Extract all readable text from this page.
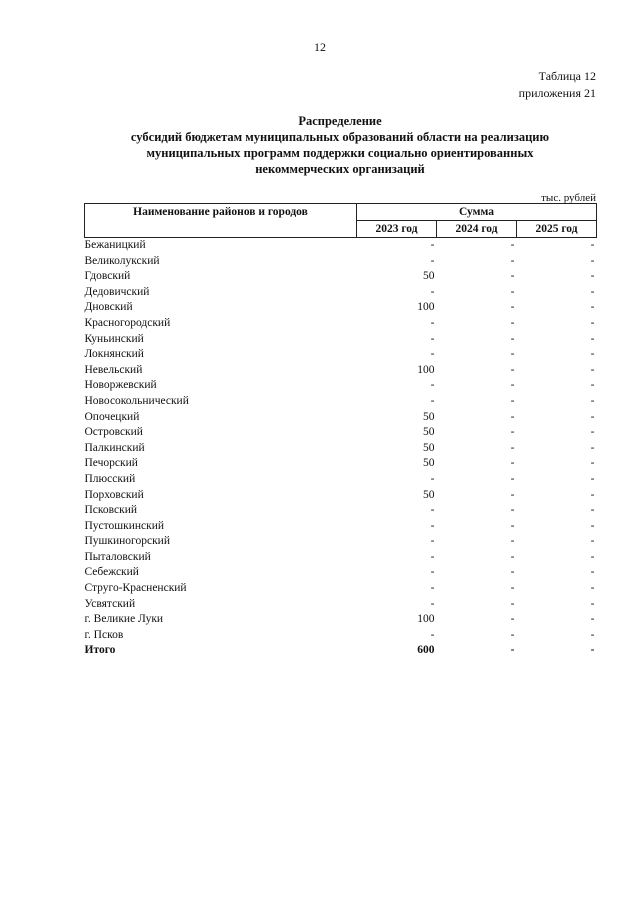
12
Таблица 12
приложения 21
Распределение
субсидий бюджетам муниципальных образований области на реализацию
муниципальных программ поддержки социально ориентированных
некоммерческих организаций
тыс. рублей
Наименование районов и городов	Сумма		
	2023 год	2024 год	2025 год
Бежаницкий	-	-	-
Великолукский	-	-	-
Гдовский	50	-	-
Дедовичский	-	-	-
Дновский	100	-	-
Красногородский	-	-	-
Куньинский	-	-	-
Локнянский	-	-	-
Невельский	100	-	-
Новоржевский	-	-	-
Новосокольнический	-	-	-
Опочецкий	50	-	-
Островский	50	-	-
Палкинский	50	-	-
Печорский	50	-	-
Плюсский	-	-	-
Порховский	50	-	-
Псковский	-	-	-
Пустошкинский	-	-	-
Пушкиногорский	-	-	-
Пыталовский	-	-	-
Себежский	-	-	-
Струго-Красненский	-	-	-
Усвятский	-	-	-
г. Великие Луки	100	-	-
г. Псков	-	-	-
Итого	600	-	-
